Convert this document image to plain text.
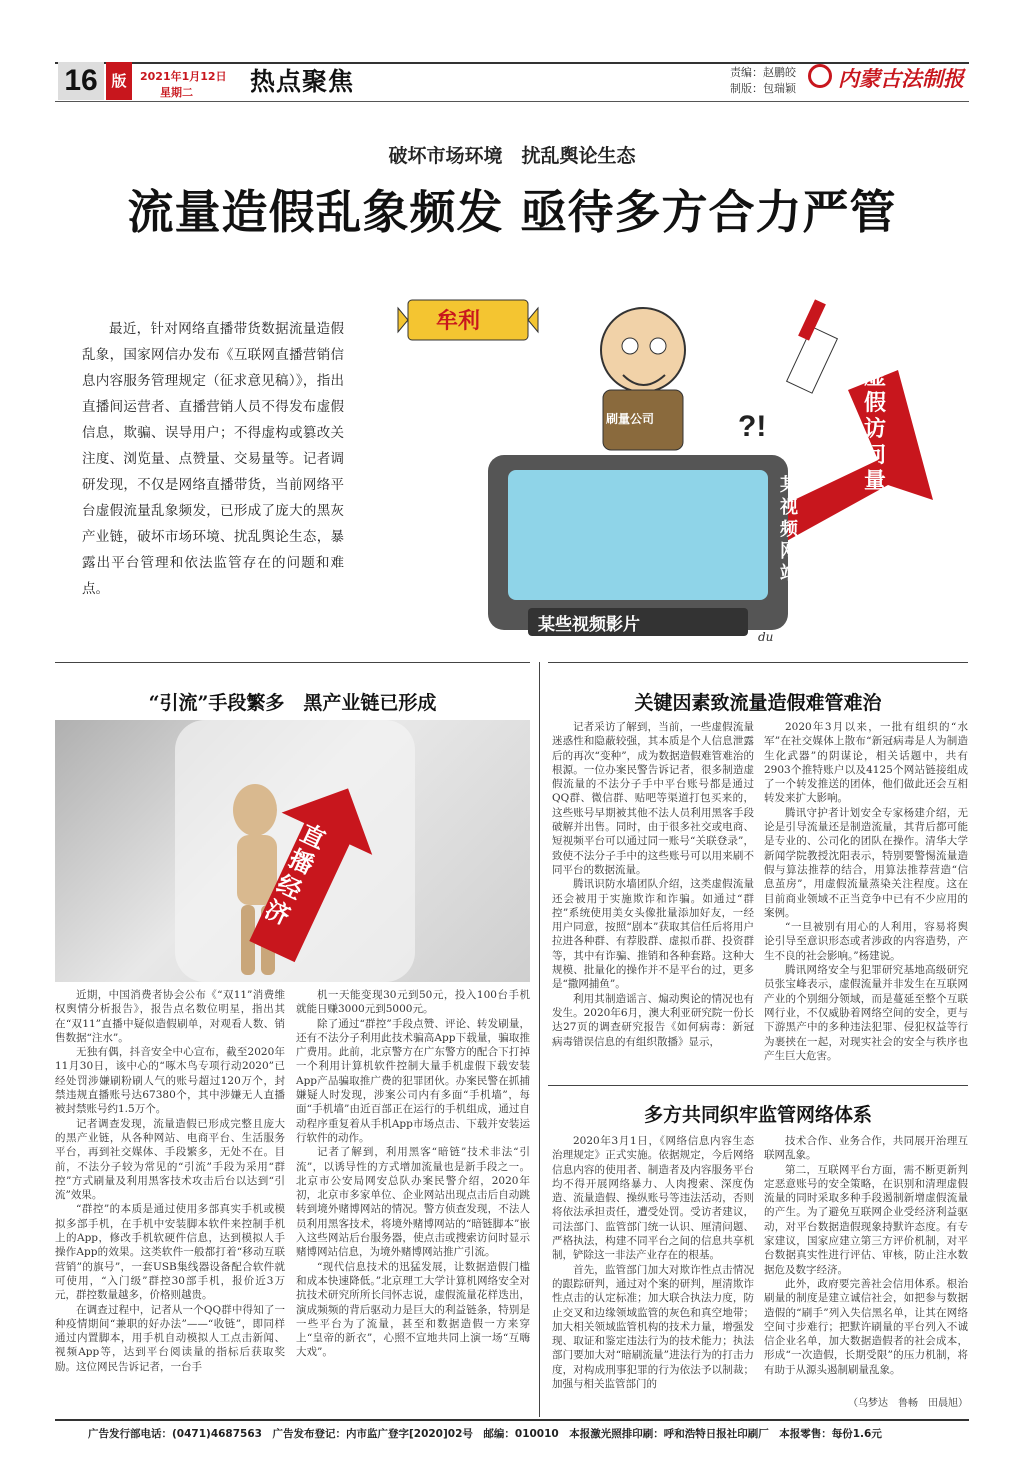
16 版	2021年1月12日
星期二 热点聚焦	责编：赵鹏皎
制版：包瑞颖 内蒙古法制报
破坏市场环境　扰乱舆论生态
流量造假乱象频发 亟待多方合力严管
最近，针对网络直播带货数据流量造假乱象，国家网信办发布《互联网直播营销信息内容服务管理规定（征求意见稿）》，指出直播间运营者、直播营销人员不得发布虚假信息，欺骗、误导用户；不得虚构或篡改关注度、浏览量、点赞量、交易量等。记者调研发现，不仅是网络直播带货，当前网络平台虚假流量乱象频发，已形成了庞大的黑灰产业链，破坏市场环境、扰乱舆论生态，暴露出平台管理和依法监管存在的问题和难点。
牟利
刷量公司	?!
虚假访问量
某视频网站
某些视频影片
du
“引流”手段繁多　黑产业链已形成
直播经济

近期，中国消费者协会公布《“双11”消费维权舆情分析报告》，报告点名数位明星，指出其在“双11”直播中疑似造假刷单，对观看人数、销售数据“注水”。

无独有偶，抖音安全中心宣布，截至2020年11月30日，该中心的“啄木鸟专项行动2020”已经处罚涉嫌刷粉刷人气的账号超过120万个，封禁违规直播账号达67380个，其中涉嫌无人直播被封禁账号约1.5万个。

记者调查发现，流量造假已形成完整且庞大的黑产业链，从各种网站、电商平台、生活服务平台，再到社交媒体、手段繁多，无处不在。目前，不法分子较为常见的“引流”手段为采用“群控”方式刷量及利用黑客技术攻击后台以达到“引流”效果。

“群控”的本质是通过使用多部真实手机或模拟多部手机，在手机中安装脚本软件来控制手机上的App，修改手机软硬件信息，达到模拟人手操作App的效果。这类软件一般都打着“移动互联营销”的旗号”，一套USB集线器设备配合软件就可使用，“入门级”群控30部手机，报价近3万元，群控数量越多，价格则越贵。

在调查过程中，记者从一个QQ群中得知了一种疫情期间“兼职的好办法”——“收链”，即同样通过内置脚本，用手机自动模拟人工点击新闻、视频App等，达到平台阅读量的指标后获取奖励。这位网民告诉记者，一台手

机一天能变现30元到50元，投入100台手机就能日赚3000元到5000元。

除了通过“群控”手段点赞、评论、转发刷量，还有不法分子利用此技术骗高App下载量，骗取推广费用。此前，北京警方在广东警方的配合下打掉一个利用计算机软件控制大量手机虚假下载安装App产品骗取推广费的犯罪团伙。办案民警在抓捕嫌疑人时发现，涉案公司内有多面“手机墙”，每面“手机墙”由近百部正在运行的手机组成，通过自动程序重复着从手机App市场点击、下载并安装运行软件的动作。

记者了解到，利用黑客“暗链”技术非法“引流”，以诱导性的方式增加流量也是新手段之一。北京市公安局网安总队办案民警介绍，2020年初，北京市多家单位、企业网站出现点击后自动跳转到境外赌博网站的情况。警方侦查发现，不法人员利用黑客技术，将境外赌博网站的“暗链脚本”嵌入这些网站后台服务器，使点击或搜索访问时显示赌博网站信息，为境外赌博网站推广引流。

“现代信息技术的迅猛发展，让数据造假门槛和成本快速降低。”北京理工大学计算机网络安全对抗技术研究所所长闫怀志说，虚假流量花样迭出，演成频频的背后驱动力是巨大的利益链条，特别是一些平台为了流量，甚至和数据造假一方来穿上“皇帝的新衣”，心照不宣地共同上演一场“互嗨大戏”。

关键因素致流量造假难管难治

记者采访了解到，当前，一些虚假流量迷惑性和隐蔽较强，其本质是个人信息泄露后的再次“变种”，成为数据造假难管难治的根源。一位办案民警告诉记者，很多制造虚假流量的不法分子手中平台账号都是通过QQ群、微信群、贴吧等渠道打包买来的，这些账号早期被其他不法人员利用黑客手段破解并出售。同时，由于很多社交或电商、短视频平台可以通过同一账号“关联登录”，致使不法分子手中的这些账号可以用来刷不同平台的数据流量。

腾讯识防水墙团队介绍，这类虚假流量还会被用于实施欺诈和诈骗。如通过“群控”系统使用美女头像批量添加好友，一经用户同意，按照“剧本”获取其信任后将用户拉进各种群、有荐股群、虚拟币群、投资群等，其中有诈骗、推销和各种套路。这种大规模、批量化的操作并不是平台的过，更多是“撒网捕鱼”。

利用其制造谣言、煽动舆论的情况也有发生。2020年6月，澳大利亚研究院一份长达27页的调查研究报告《如何病毒：新冠病毒错误信息的有组织散播》显示，

2020年3月以来，一批有组织的“水军”在社交媒体上散布“新冠病毒是人为制造生化武器”的阴谋论，相关话题中，共有2903个推特账户以及4125个网站链接组成了一个转发推送的团体，他们做此还会互相转发来扩大影响。

腾讯守护者计划安全专家杨建介绍，无论是引导流量还是制造流量，其背后都可能是专业的、公司化的团队在操作。清华大学新闻学院教授沈阳表示，特别要警惕流量造假与算法推荐的结合，用算法推荐营造“信息茧房”，用虚假流量蒸染关注程度。这在目前商业领域不正当竞争中已有不少应用的案例。

“一旦被别有用心的人利用，容易将舆论引导至意识形态或者涉政的内容造势，产生不良的社会影响。”杨建说。

腾讯网络安全与犯罪研究基地高级研究员张宝峰表示，虚假流量并非发生在互联网产业的个别细分领域，而是蔓延至整个互联网行业，不仅威胁着网络空间的安全，更与下游黑产中的多种违法犯罪、侵犯权益等行为裹挟在一起，对现实社会的安全与秩序也产生巨大危害。

多方共同织牢监管网络体系

2020年3月1日，《网络信息内容生态治理规定》正式实施。依据规定，今后网络信息内容的使用者、制造者及内容服务平台均不得开展网络暴力、人肉搜索、深度伪造、流量造假、操纵账号等违法活动，否则将依法承担责任，遭受处罚。受访者建议，司法部门、监管部门统一认识、厘清问题、严格执法，构建不同平台之间的信息共享机制，铲除这一非法产业存在的根基。

首先，监管部门加大对欺诈性点击情况的跟踪研判，通过对个案的研判，厘清欺诈性点击的认定标准；加大联合执法力度，防止交叉和边缘领域监管的灰色和真空地带；加大相关领域监管机构的技术力量，增强发现、取证和鉴定违法行为的技术能力；执法部门要加大对“暗刷流量”进法行为的打击力度，对构成刑事犯罪的行为依法予以制裁；加强与相关监管部门的

技术合作、业务合作，共同展开治理互联网乱象。

第二，互联网平台方面，需不断更新判定恶意账号的安全策略，在识别和清理虚假流量的同时采取多种手段遏制新增虚假流量的产生。为了避免互联网企业受经济利益驱动，对平台数据造假现象持默许态度。有专家建议，国家应建立第三方评价机制，对平台数据真实性进行评估、审核，防止注水数据危及数字经济。

此外，政府要完善社会信用体系。根治刷量的制度是建立诚信社会，如把参与数据造假的“刷手”列入失信黑名单，让其在网络空间寸步难行；把默许刷量的平台列入不诚信企业名单，加大数据造假者的社会成本，形成“一次造假，长期受限”的压力机制，将有助于从源头遏制刷量乱象。

（乌梦达　鲁畅　田晨旭）
广告发行部电话：(0471)4687563　广告发布登记：内市监广登字[2020]02号　邮编：010010　本报激光照排印刷：呼和浩特日报社印刷厂　本报零售：每份1.6元
